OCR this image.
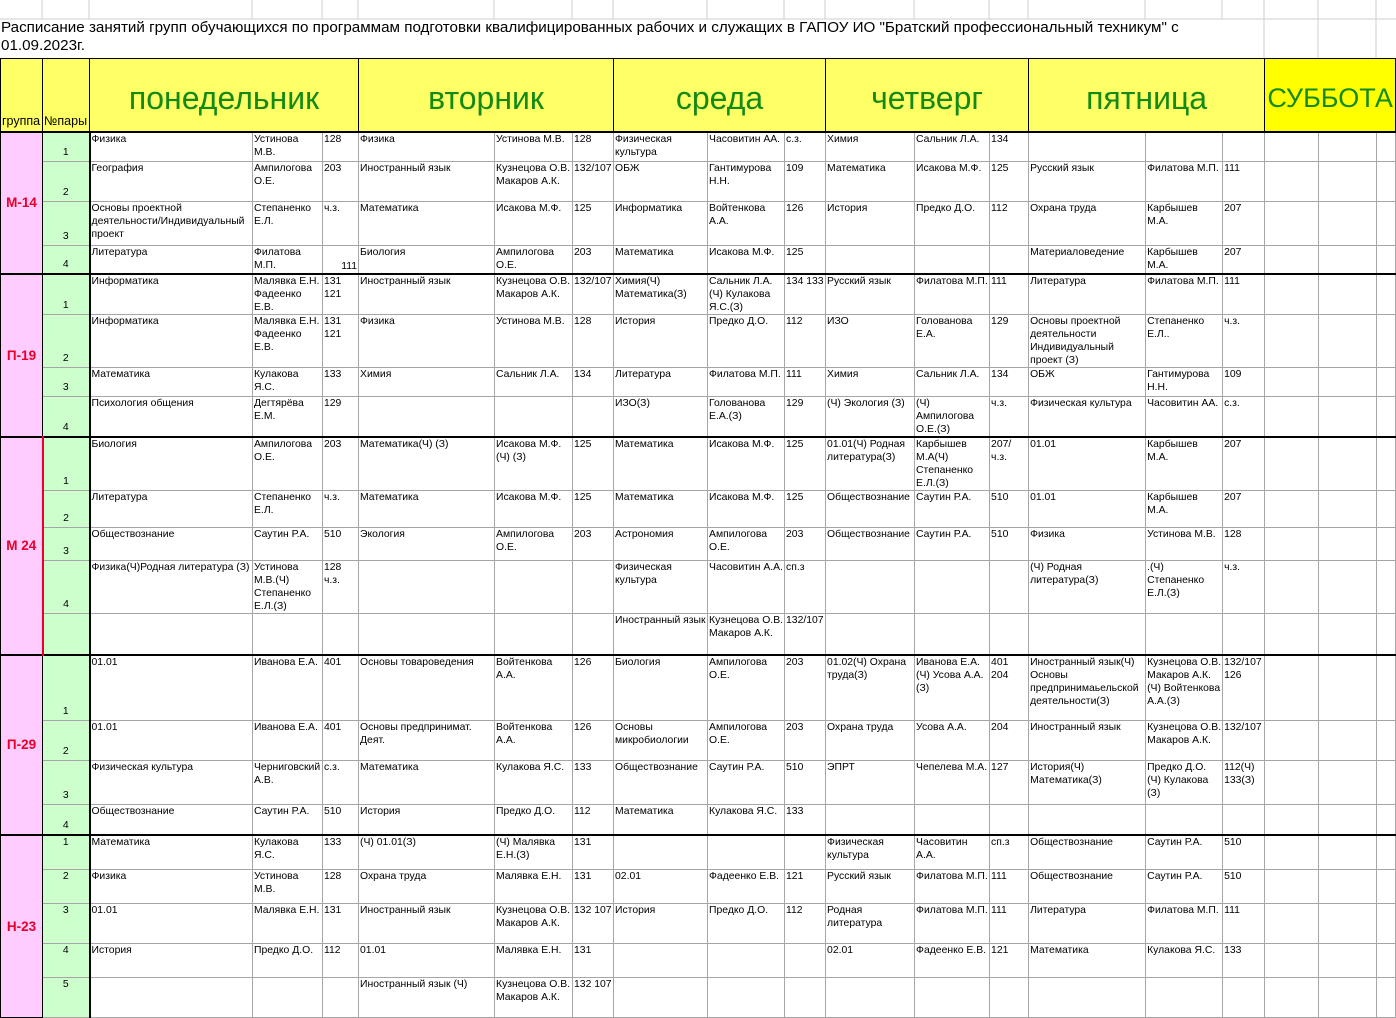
Расписание занятий групп обучающихся по программам подготовки квалифицированных рабочих и служащих в ГАПОУ ИО "Братский профессиональный техникум" с 01.09.2023г.
группа	№пары	понедельник			вторник			среда			четверг			пятница			СУББОТА		
М-14	1	Физика	Устинова М.В.	128	Физика	Устинова М.В.	128	Физическая культура	Часовитин АА.	с.з.	Химия	Сальник Л.А.	134						
	2	География	Ампилогова О.Е.	203	Иностранный язык	Кузнецова О.В. Макаров А.К.	132/107	ОБЖ	Гантимурова Н.Н.	109	Математика	Исакова М.Ф.	125	Русский язык	Филатова М.П.	111			
	3	Основы проектной деятельности/Индивидуальный проект	Степаненко Е.Л.	ч.з.	Математика	Исакова М.Ф.	125	Информатика	Войтенкова А.А.	126	История	Предко Д.О.	112	Охрана труда	Карбышев М.А.	207			
	4	Литература	Филатова М.П.	111	Биология	Ампилогова О.Е.	203	Математика	Исакова М.Ф.	125				Материаловедение	Карбышев М.А.	207			
П-19	1	Информатика	Малявка Е.Н. Фадеенко Е.В.	131 121	Иностранный язык	Кузнецова О.В. Макаров А.К.	132/107	Химия(Ч) Математика(З)	Сальник Л.А. (Ч) Кулакова Я.С.(З)	134 133	Русский язык	Филатова М.П.	111	Литература	Филатова М.П.	111			
	2	Информатика	Малявка Е.Н. Фадеенко Е.В.	131 121	Физика	Устинова М.В.	128	История	Предко Д.О.	112	ИЗО	Голованова Е.А.	129	Основы проектной деятельности Индивидуальный проект (З)	Степаненко Е.Л..	ч.з.			
	3	Математика	Кулакова Я.С.	133	Химия	Сальник Л.А.	134	Литература	Филатова М.П.	111	Химия	Сальник Л.А.	134	ОБЖ	Гантимурова Н.Н.	109			
	4	Психология общения	Дегтярёва Е.М.	129				ИЗО(З)	Голованова Е.А.(З)	129	(Ч) Экология (З)	(Ч) Ампилогова О.Е.(З)	ч.з.	Физическая культура	Часовитин АА.	с.з.			
М 24	1	Биология	Ампилогова О.Е.	203	Математика(Ч) (З)	Исакова М.Ф. (Ч) (З)	125	Математика	Исакова М.Ф.	125	01.01(Ч) Родная литература(З)	Карбышев М.А(Ч) Степаненко Е.Л.(З)	207/ч.з.	01.01	Карбышев М.А.	207			
	2	Литература	Степаненко Е.Л.	ч.з.	Математика	Исакова М.Ф.	125	Математика	Исакова М.Ф.	125	Обществознание	Саутин Р.А.	510	01.01	Карбышев М.А.	207			
	3	Обществознание	Саутин Р.А.	510	Экология	Ампилогова О.Е.	203	Астрономия	Ампилогова О.Е.	203	Обществознание	Саутин Р.А.	510	Физика	Устинова М.В.	128			
	4	Физика(Ч)Родная литература (З)	Устинова М.В.(Ч) Степаненко Е.Л.(З)	128 ч.з.				Физическая культура	Часовитин А.А.	сп.з				(Ч) Родная литература(З)	.(Ч) Степаненко Е.Л.(З)	ч.з.			
								Иностранный язык	Кузнецова О.В. Макаров А.К.	132/107									
П-29	1	01.01	Иванова Е.А.	401	Основы товароведения	Войтенкова А.А.	126	Биология	Ампилогова О.Е.	203	01.02(Ч) Охрана труда(З)	Иванова Е.А. (Ч) Усова А.А.(З)	401 204	Иностранный язык(Ч) Основы предпринимаьельской деятельности(З)	Кузнецова О.В. Макаров А.К.(Ч) Войтенкова А.А.(З)	132/107 126			
	2	01.01	Иванова Е.А.	401	Основы предпринимат. Деят.	Войтенкова А.А.	126	Основы микробиологии	Ампилогова О.Е.	203	Охрана труда	Усова А.А.	204	Иностранный язык	Кузнецова О.В. Макаров А.К.	132/107			
	3	Физическая культура	Черниговский А.В.	с.з.	Математика	Кулакова Я.С.	133	Обществознание	Саутин Р.А.	510	ЭПРТ	Чепелева М.А.	127	История(Ч) Математика(З)	Предко Д.О. (Ч) Кулакова (З)	112(Ч) 133(З)			
	4	Обществознание	Саутин Р.А.	510	История	Предко Д.О.	112	Математика	Кулакова Я.С.	133									
Н-23	1	Математика	Кулакова Я.С.	133	(Ч) 01.01(З)	(Ч) Малявка Е.Н.(З)	131				Физическая культура	Часовитин А.А.	сп.з	Обществознание	Саутин Р.А.	510			
	2	Физика	Устинова М.В.	128	Охрана труда	Малявка Е.Н.	131	02.01	Фадеенко Е.В.	121	Русский язык	Филатова М.П.	111	Обществознание	Саутин Р.А.	510			
	3	01.01	Малявка Е.Н.	131	Иностранный язык	Кузнецова О.В. Макаров А.К.	132 107	История	Предко Д.О.	112	Родная литература	Филатова М.П.	111	Литература	Филатова М.П.	111			
	4	История	Предко Д.О.	112	01.01	Малявка Е.Н.	131				02.01	Фадеенко Е.В.	121	Математика	Кулакова Я.С.	133			
	5				Иностранный язык (Ч)	Кузнецова О.В. Макаров А.К.	132 107												
